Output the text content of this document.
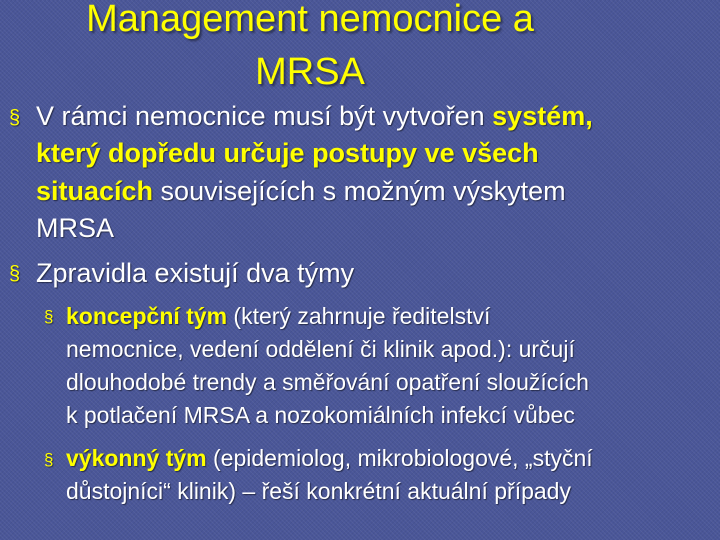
Management nemocnice a
MRSA
§ V rámci nemocnice musí být vytvořen systém,
který dopředu určuje postupy ve všech
situacích souvisejících s možným výskytem
MRSA
§ Zpravidla existují dva týmy
§ koncepční tým (který zahrnuje ředitelství
nemocnice, vedení oddělení či klinik apod.): určují
dlouhodobé trendy a směřování opatření sloužících
k potlačení MRSA a nozokomiálních infekcí vůbec
§ výkonný tým (epidemiolog, mikrobiologové, „styční
důstojníci“ klinik) – řeší konkrétní aktuální případy
